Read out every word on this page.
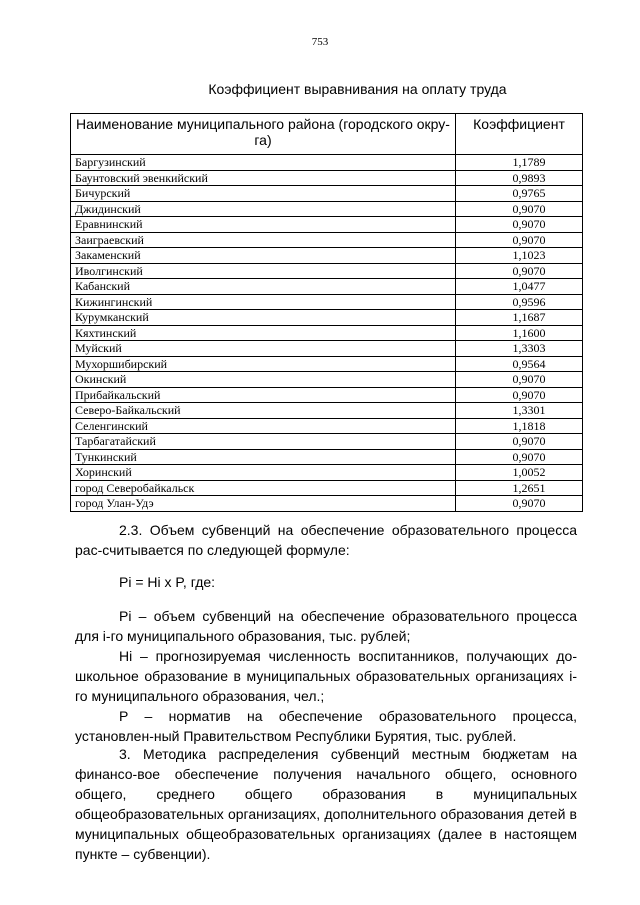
753
Коэффициент выравнивания на оплату труда
Наименование муниципального района (городского окру-га)	Коэффициент
Баргузинский	1,1789
Баунтовский эвенкийский	0,9893
Бичурский	0,9765
Джидинский	0,9070
Еравнинский	0,9070
Заиграевский	0,9070
Закаменский	1,1023
Иволгинский	0,9070
Кабанский	1,0477
Кижингинский	0,9596
Курумканский	1,1687
Кяхтинский	1,1600
Муйский	1,3303
Мухоршибирский	0,9564
Окинский	0,9070
Прибайкальский	0,9070
Северо-Байкальский	1,3301
Селенгинский	1,1818
Тарбагатайский	0,9070
Тункинский	0,9070
Хоринский	1,0052
город Северобайкальск	1,2651
город Улан-Удэ	0,9070

2.3. Объем субвенций на обеспечение образовательного процесса рас-считывается по следующей формуле:

Pi = Hi x P, где:

Pi – объем субвенций на обеспечение образовательного процесса для i-го муниципального образования, тыс. рублей;

Hi – прогнозируемая численность воспитанников, получающих до-школьное образование в муниципальных образовательных организациях i-го муниципального образования, чел.;

P – норматив на обеспечение образовательного процесса, установлен-ный Правительством Республики Бурятия, тыс. рублей.

3. Методика распределения субвенций местным бюджетам на финансо-вое обеспечение получения начального общего, основного общего, среднего общего образования в муниципальных общеобразовательных организациях, дополнительного образования детей в муниципальных общеобразовательных организациях (далее в настоящем пункте – субвенции).
